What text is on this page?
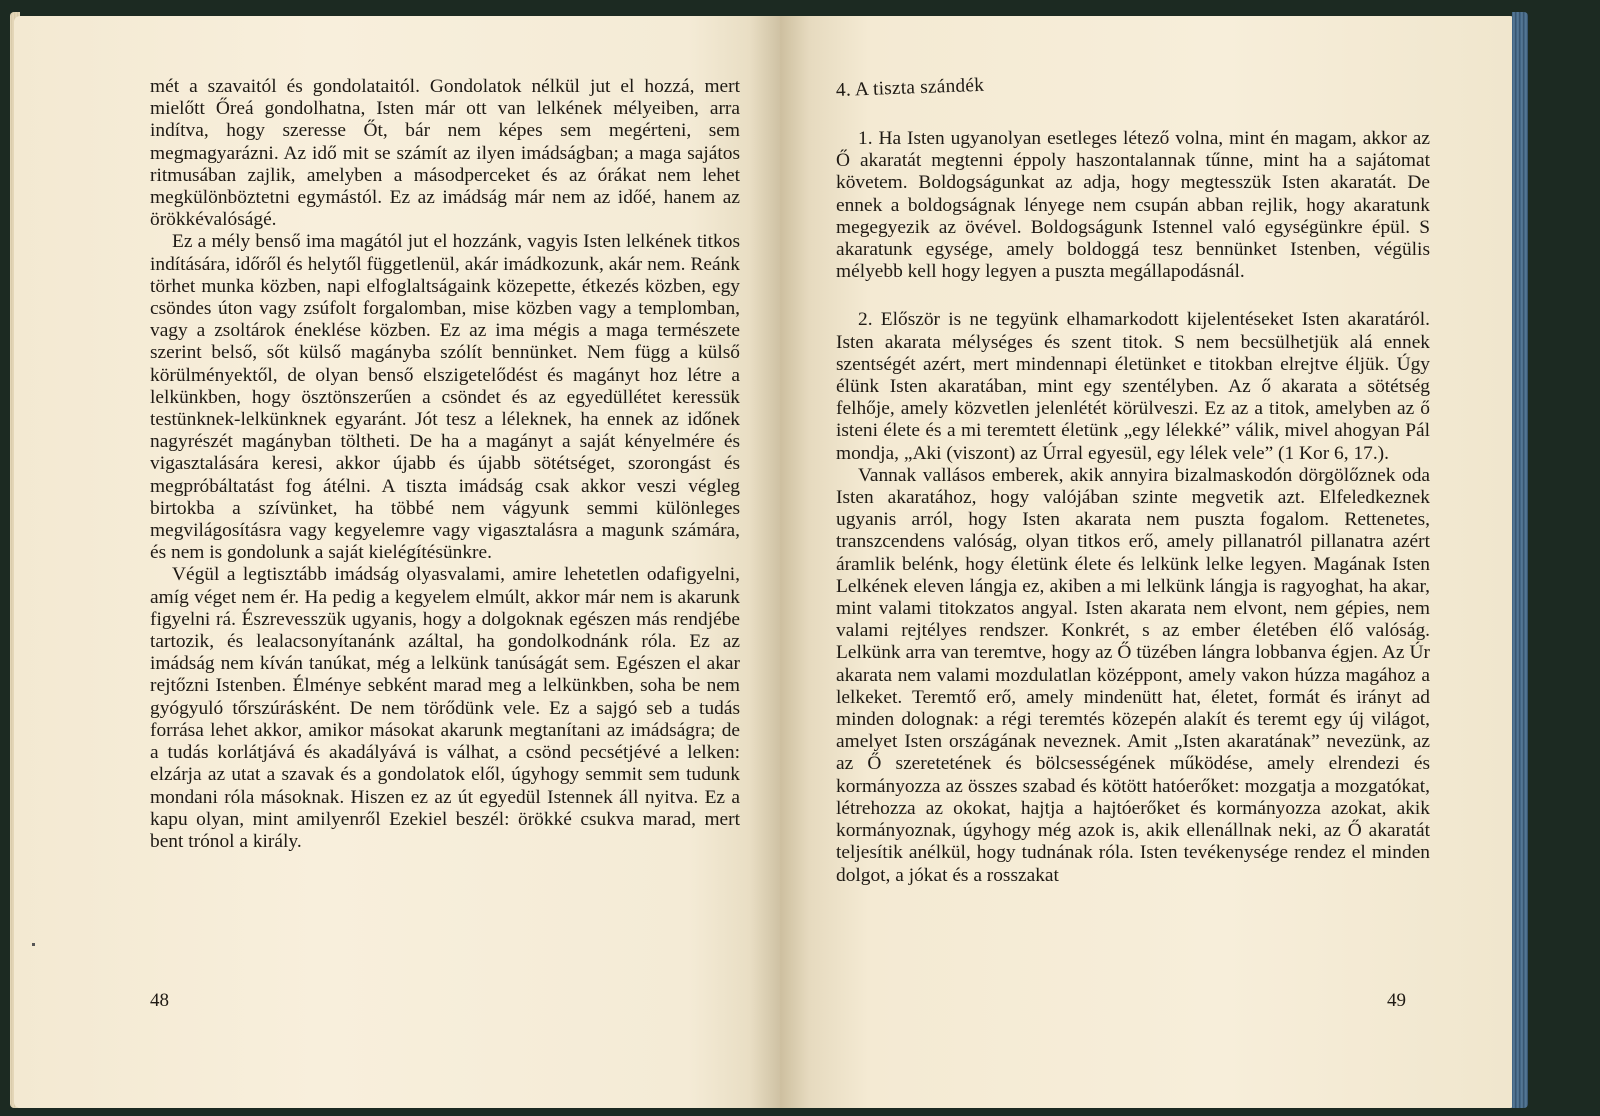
mét a szavaitól és gondolataitól. Gondolatok nélkül jut el hozzá, mert mielőtt Őreá gondolhatna, Isten már ott van lelkének mélyeiben, arra indítva, hogy szeresse Őt, bár nem képes sem megérteni, sem megmagyarázni. Az idő mit se számít az ilyen imádságban; a maga sajátos ritmusában zajlik, amelyben a másodperceket és az órákat nem lehet megkülönböztetni egymástól. Ez az imádság már nem az időé, hanem az örökkévalóságé.

Ez a mély benső ima magától jut el hozzánk, vagyis Isten lelkének titkos indítására, időről és helytől függetlenül, akár imádkozunk, akár nem. Reánk törhet munka közben, napi elfoglaltságaink közepette, étkezés közben, egy csöndes úton vagy zsúfolt forgalomban, mise közben vagy a templomban, vagy a zsoltárok éneklése közben. Ez az ima mégis a maga természete szerint belső, sőt külső magányba szólít bennünket. Nem függ a külső körülményektől, de olyan benső elszigetelődést és magányt hoz létre a lelkünkben, hogy ösztönszerűen a csöndet és az egyedüllétet keressük testünknek-lelkünknek egyaránt. Jót tesz a léleknek, ha ennek az időnek nagyrészét magányban töltheti. De ha a magányt a saját kényelmére és vigasztalására keresi, akkor újabb és újabb sötétséget, szorongást és megpróbáltatást fog átélni. A tiszta imádság csak akkor veszi végleg birtokba a szívünket, ha többé nem vágyunk semmi különleges megvilágosításra vagy kegyelemre vagy vigasztalásra a magunk számára, és nem is gondolunk a saját kielégítésünkre.

Végül a legtisztább imádság olyasvalami, amire lehetetlen odafigyelni, amíg véget nem ér. Ha pedig a kegyelem elmúlt, akkor már nem is akarunk figyelni rá. Észrevesszük ugyanis, hogy a dolgoknak egészen más rendjébe tartozik, és lealacsonyítanánk azáltal, ha gondolkodnánk róla. Ez az imádság nem kíván tanúkat, még a lelkünk tanúságát sem. Egészen el akar rejtőzni Istenben. Élménye sebként marad meg a lelkünkben, soha be nem gyógyuló tőrszúrásként. De nem törődünk vele. Ez a sajgó seb a tudás forrása lehet akkor, amikor másokat akarunk megtanítani az imádságra; de a tudás korlátjává és akadályává is válhat, a csönd pecsétjévé a lelken: elzárja az utat a szavak és a gondolatok elől, úgyhogy semmit sem tudunk mondani róla másoknak. Hiszen ez az út egyedül Istennek áll nyitva. Ez a kapu olyan, mint amilyenről Ezekiel beszél: örökké csukva marad, mert bent trónol a király.

48
4. A tiszta szándék

1. Ha Isten ugyanolyan esetleges létező volna, mint én magam, akkor az Ő akaratát megtenni éppoly haszontalannak tűnne, mint ha a sajátomat követem. Boldogságunkat az adja, hogy megtesszük Isten akaratát. De ennek a boldogságnak lényege nem csupán abban rejlik, hogy akaratunk megegyezik az övével. Boldogságunk Istennel való egységünkre épül. S akaratunk egysége, amely boldoggá tesz bennünket Istenben, végülis mélyebb kell hogy legyen a puszta megállapodásnál.

2. Először is ne tegyünk elhamarkodott kijelentéseket Isten akaratáról. Isten akarata mélységes és szent titok. S nem becsülhetjük alá ennek szentségét azért, mert mindennapi életünket e titokban elrejtve éljük. Úgy élünk Isten akaratában, mint egy szentélyben. Az ő akarata a sötétség felhője, amely közvetlen jelenlétét körülveszi. Ez az a titok, amelyben az ő isteni élete és a mi teremtett életünk „egy lélekké” válik, mivel ahogyan Pál mondja, „Aki (viszont) az Úrral egyesül, egy lélek vele” (1 Kor 6, 17.).

Vannak vallásos emberek, akik annyira bizalmaskodón dörgölőznek oda Isten akaratához, hogy valójában szinte megvetik azt. Elfeledkeznek ugyanis arról, hogy Isten akarata nem puszta fogalom. Rettenetes, transzcendens valóság, olyan titkos erő, amely pillanatról pillanatra azért áramlik belénk, hogy életünk élete és lelkünk lelke legyen. Magának Isten Lelkének eleven lángja ez, akiben a mi lelkünk lángja is ragyoghat, ha akar, mint valami titokzatos angyal. Isten akarata nem elvont, nem gépies, nem valami rejtélyes rendszer. Konkrét, s az ember életében élő valóság. Lelkünk arra van teremtve, hogy az Ő tüzében lángra lobbanva égjen. Az Úr akarata nem valami mozdulatlan középpont, amely vakon húzza magához a lelkeket. Teremtő erő, amely mindenütt hat, életet, formát és irányt ad minden dolognak: a régi teremtés közepén alakít és teremt egy új világot, amelyet Isten országának neveznek. Amit „Isten akaratának” nevezünk, az az Ő szeretetének és bölcsességének működése, amely elrendezi és kormányozza az összes szabad és kötött hatóerőket: mozgatja a mozgatókat, létrehozza az okokat, hajtja a hajtóerőket és kormányozza azokat, akik kormányoznak, úgyhogy még azok is, akik ellenállnak neki, az Ő akaratát teljesítik anélkül, hogy tudnának róla. Isten tevékenysége rendez el minden dolgot, a jókat és a rosszakat

49
